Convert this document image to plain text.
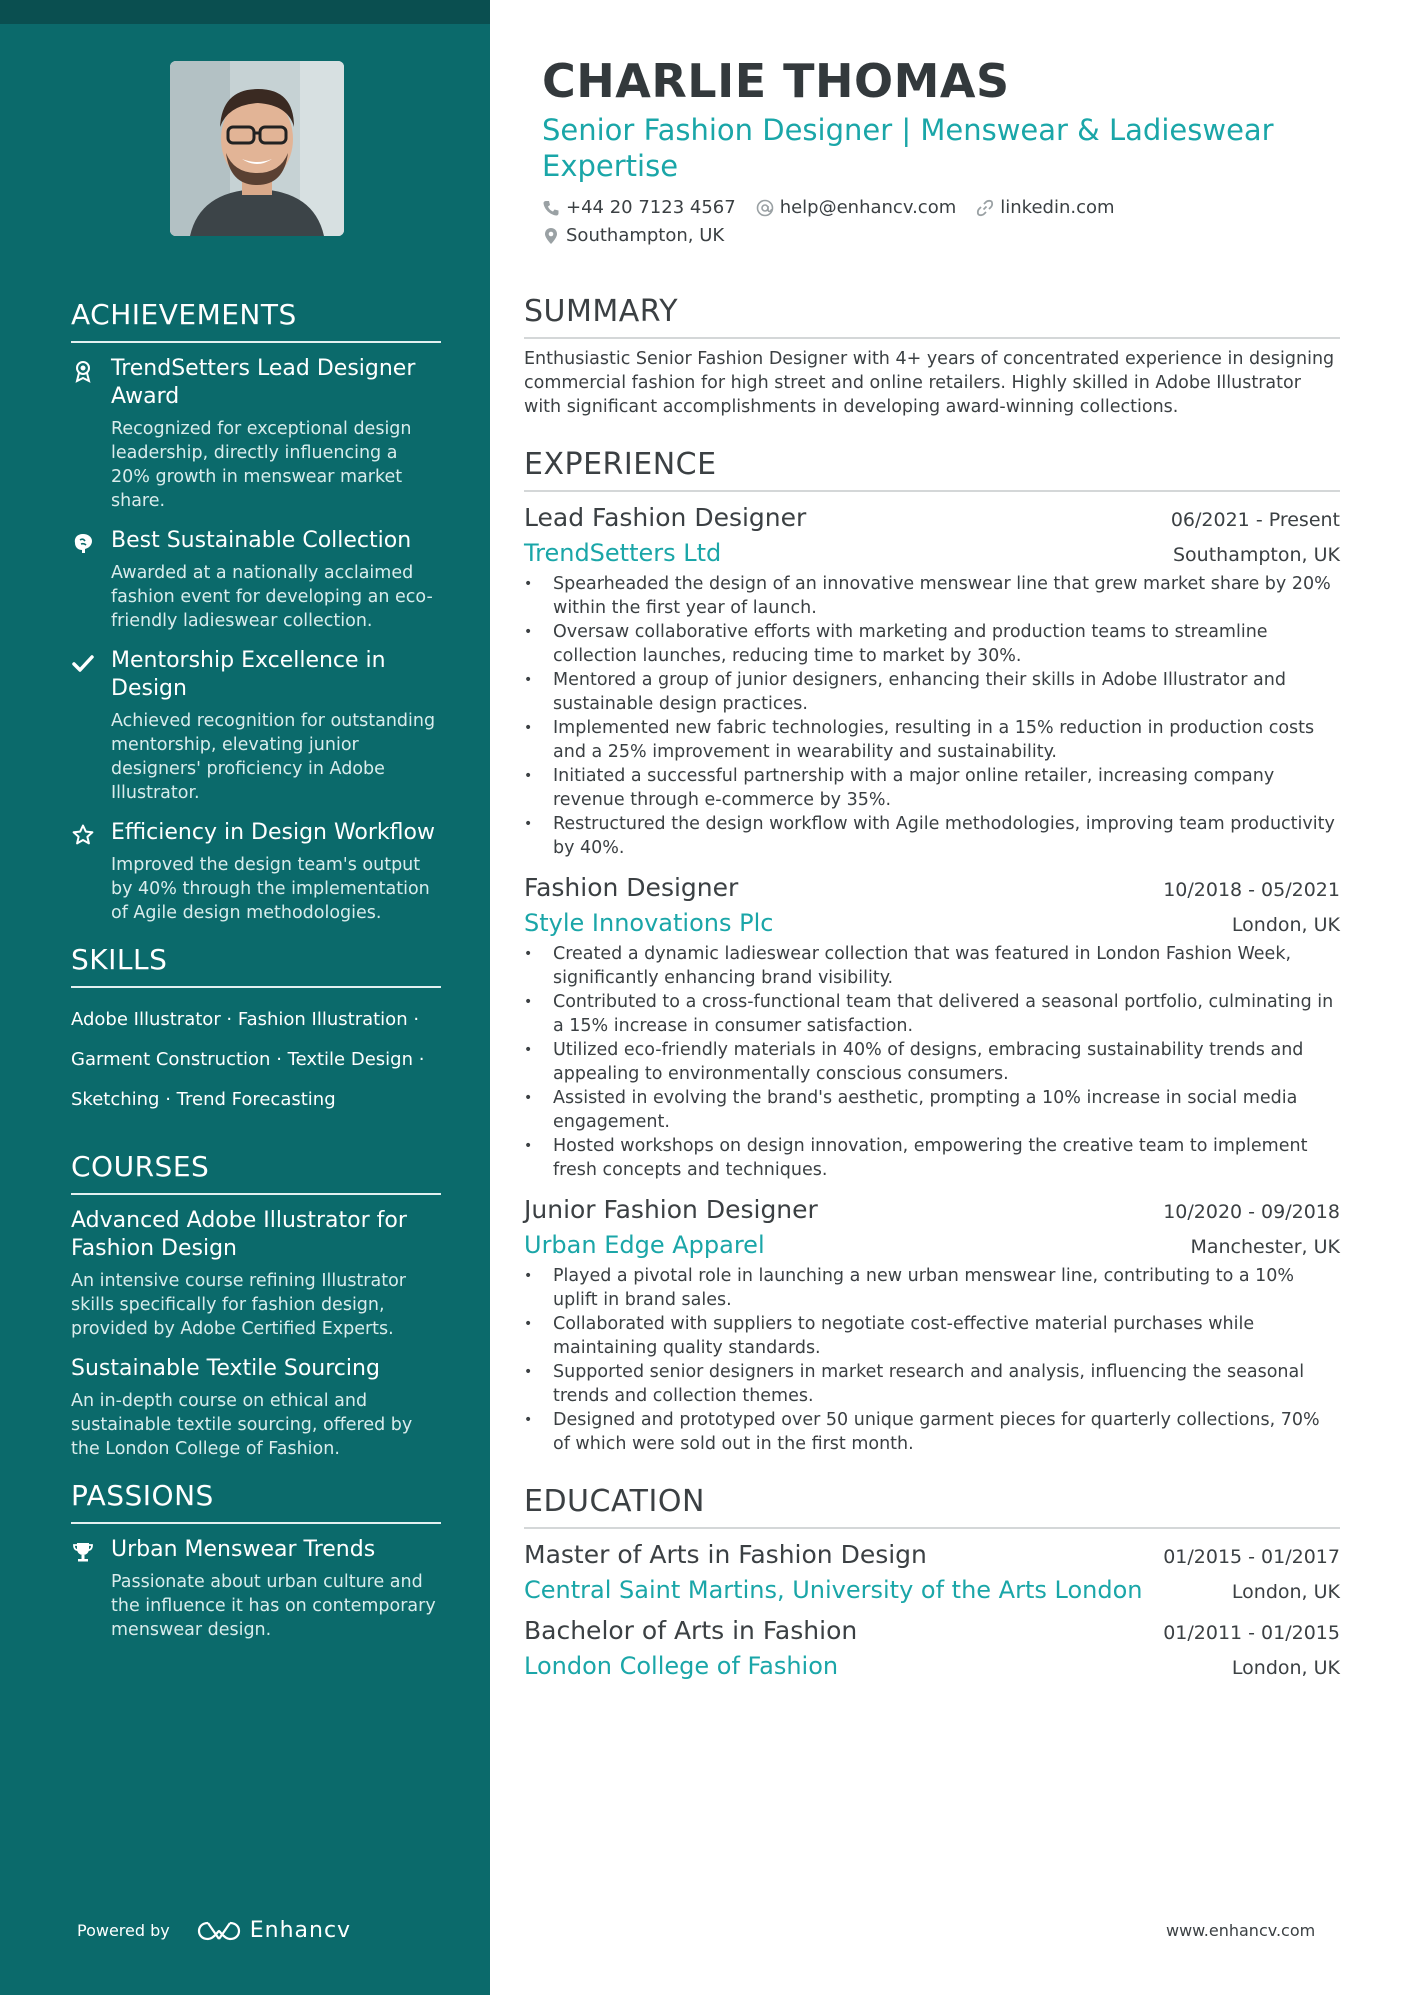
ACHIEVEMENTS
TrendSetters Lead Designer Award
Recognized for exceptional design leadership, directly influencing a 20% growth in menswear market share.
Best Sustainable Collection
Awarded at a nationally acclaimed fashion event for developing an eco-friendly ladieswear collection.
Mentorship Excellence in Design
Achieved recognition for outstanding mentorship, elevating junior designers' proficiency in Adobe Illustrator.
Efficiency in Design Workflow
Improved the design team's output by 40% through the implementation of Agile design methodologies.
SKILLS
Adobe Illustrator · Fashion Illustration ·
Garment Construction · Textile Design ·
Sketching · Trend Forecasting
COURSES
Advanced Adobe Illustrator for Fashion Design
An intensive course refining Illustrator skills specifically for fashion design, provided by Adobe Certified Experts.
Sustainable Textile Sourcing
An in-depth course on ethical and sustainable textile sourcing, offered by the London College of Fashion.
PASSIONS
Urban Menswear Trends
Passionate about urban culture and the influence it has on contemporary menswear design.
Powered by	Enhancv
CHARLIE THOMAS
Senior Fashion Designer | Menswear & Ladieswear Expertise
+44 20 7123 4567 help@enhancv.com linkedin.com
Southampton, UK
SUMMARY

Enthusiastic Senior Fashion Designer with 4+ years of concentrated experience in designing commercial fashion for high street and online retailers. Highly skilled in Adobe Illustrator with significant accomplishments in developing award-winning collections.

EXPERIENCE
Lead Fashion Designer	06/2021 - Present
TrendSetters Ltd	Southampton, UK
• Spearheaded the design of an innovative menswear line that grew market share by 20% within the first year of launch.
• Oversaw collaborative efforts with marketing and production teams to streamline collection launches, reducing time to market by 30%.
• Mentored a group of junior designers, enhancing their skills in Adobe Illustrator and sustainable design practices.
• Implemented new fabric technologies, resulting in a 15% reduction in production costs and a 25% improvement in wearability and sustainability.
• Initiated a successful partnership with a major online retailer, increasing company revenue through e-commerce by 35%.
• Restructured the design workflow with Agile methodologies, improving team productivity by 40%.
Fashion Designer	10/2018 - 05/2021
Style Innovations Plc	London, UK
• Created a dynamic ladieswear collection that was featured in London Fashion Week, significantly enhancing brand visibility.
• Contributed to a cross-functional team that delivered a seasonal portfolio, culminating in a 15% increase in consumer satisfaction.
• Utilized eco-friendly materials in 40% of designs, embracing sustainability trends and appealing to environmentally conscious consumers.
• Assisted in evolving the brand's aesthetic, prompting a 10% increase in social media engagement.
• Hosted workshops on design innovation, empowering the creative team to implement fresh concepts and techniques.
Junior Fashion Designer	10/2020 - 09/2018
Urban Edge Apparel	Manchester, UK
• Played a pivotal role in launching a new urban menswear line, contributing to a 10% uplift in brand sales.
• Collaborated with suppliers to negotiate cost-effective material purchases while maintaining quality standards.
• Supported senior designers in market research and analysis, influencing the seasonal trends and collection themes.
• Designed and prototyped over 50 unique garment pieces for quarterly collections, 70% of which were sold out in the first month.
EDUCATION
Master of Arts in Fashion Design	01/2015 - 01/2017
Central Saint Martins, University of the Arts London	London, UK
Bachelor of Arts in Fashion	01/2011 - 01/2015
London College of Fashion	London, UK
www.enhancv.com
